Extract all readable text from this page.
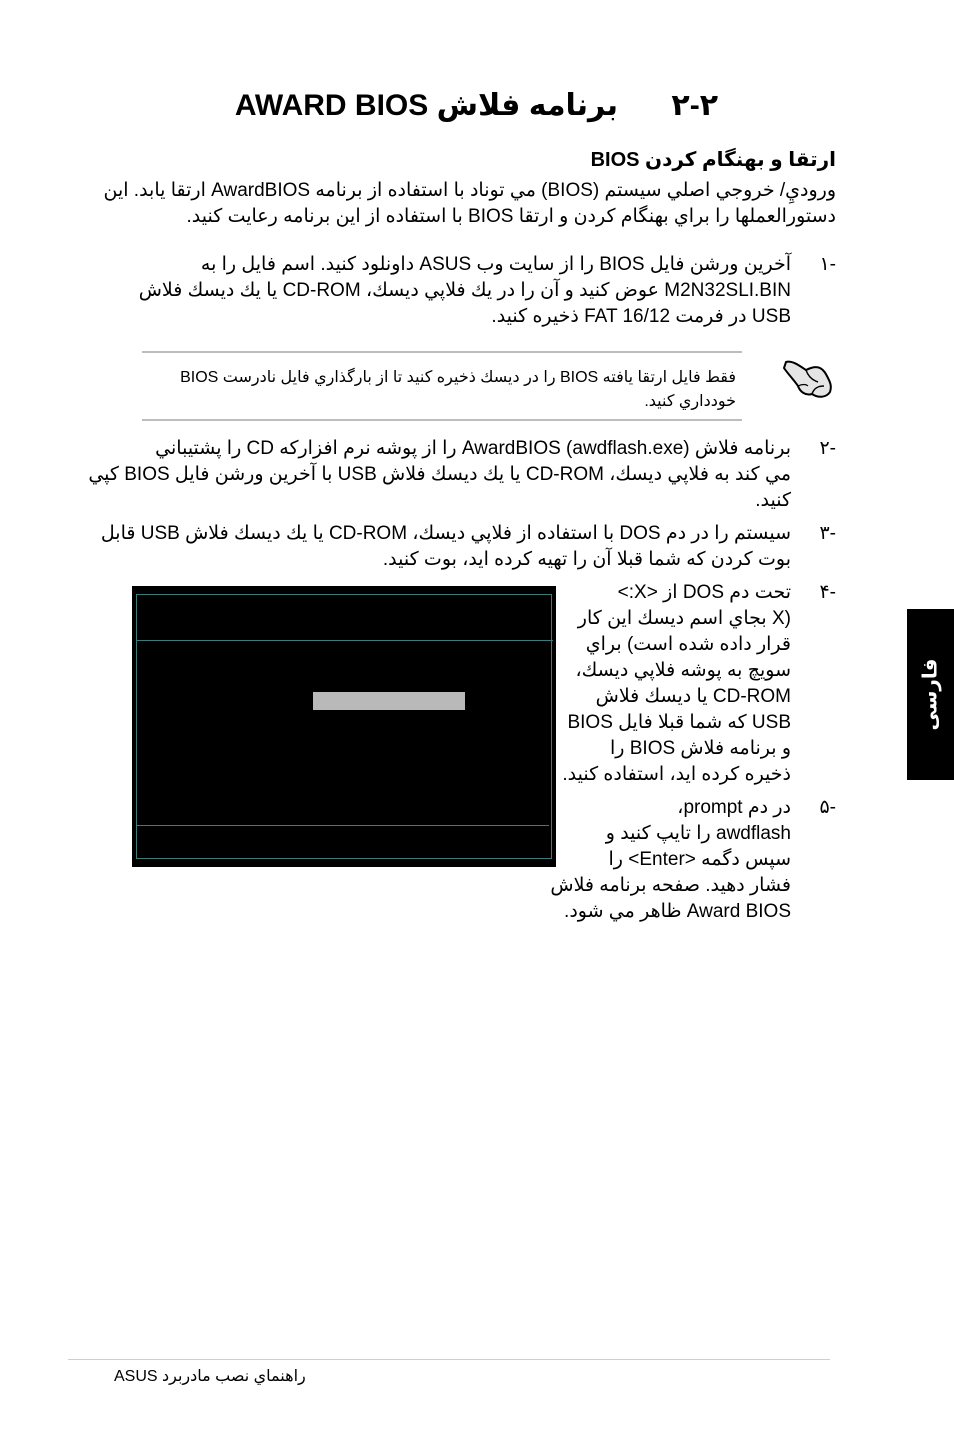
٢-٢
AWARD BIOS برنامه فلاش
ارتقا و بهنگام کردن BIOS
وروديِ/ خروجي اصلي سيستم (BIOS) مي توناد با استفاده از برنامه AwardBIOS ارتقا يابد. اين
دستورالعملها را براي بهنگام کردن و ارتقا BIOS با استفاده از اين برنامه رعايت کنيد.
-١
آخرين ورشن فايل BIOS را از سايت وب ASUS داونلود کنيد. اسم فايل را به
M2N32SLI.BIN عوض کنيد و آن را در يك فلاپي ديسك، CD-ROM يا يك ديسك فلاش
USB در فرمت FAT 16/12 ذخيره کنيد.
فقط فايل ارتقا يافته BIOS را در ديسك ذخيره کنيد تا از بارگذاري فايل نادرست BIOS
خودداري کنيد.
-٢
برنامه فلاش AwardBIOS (awdflash.exe) را از پوشه نرم افزاركه CD را پشتيباني
مي کند به فلاپي ديسك، CD-ROM يا يك ديسك فلاش USB با آخرين ورشن فايل BIOS کپي
کنيد.
-٣
سيستم را در دم DOS با استفاده از فلاپي ديسك، CD-ROM يا يك ديسك فلاش USB قابل
بوت کردن که شما قبلا آن را تهيه کرده ايد، بوت کنيد.
-۴
تحت دم DOS از <X:>
(X بجاي اسم ديسك اين کار
قرار داده شده است) براي
سويچ به پوشه فلاپي ديسك،
CD-ROM يا ديسك فلاش
USB که شما قبلا فايل BIOS
و برنامه فلاش BIOS را
ذخيره کرده ايد، استفاده کنيد.
-۵
در دم prompt،
awdflash را تايپ کنيد و
سپس دگمه <Enter> را
فشار دهيد. صفحه برنامه فلاش
Award BIOS ظاهر مي شود.
فارسی
راهنماي نصب مادربرد ASUS
